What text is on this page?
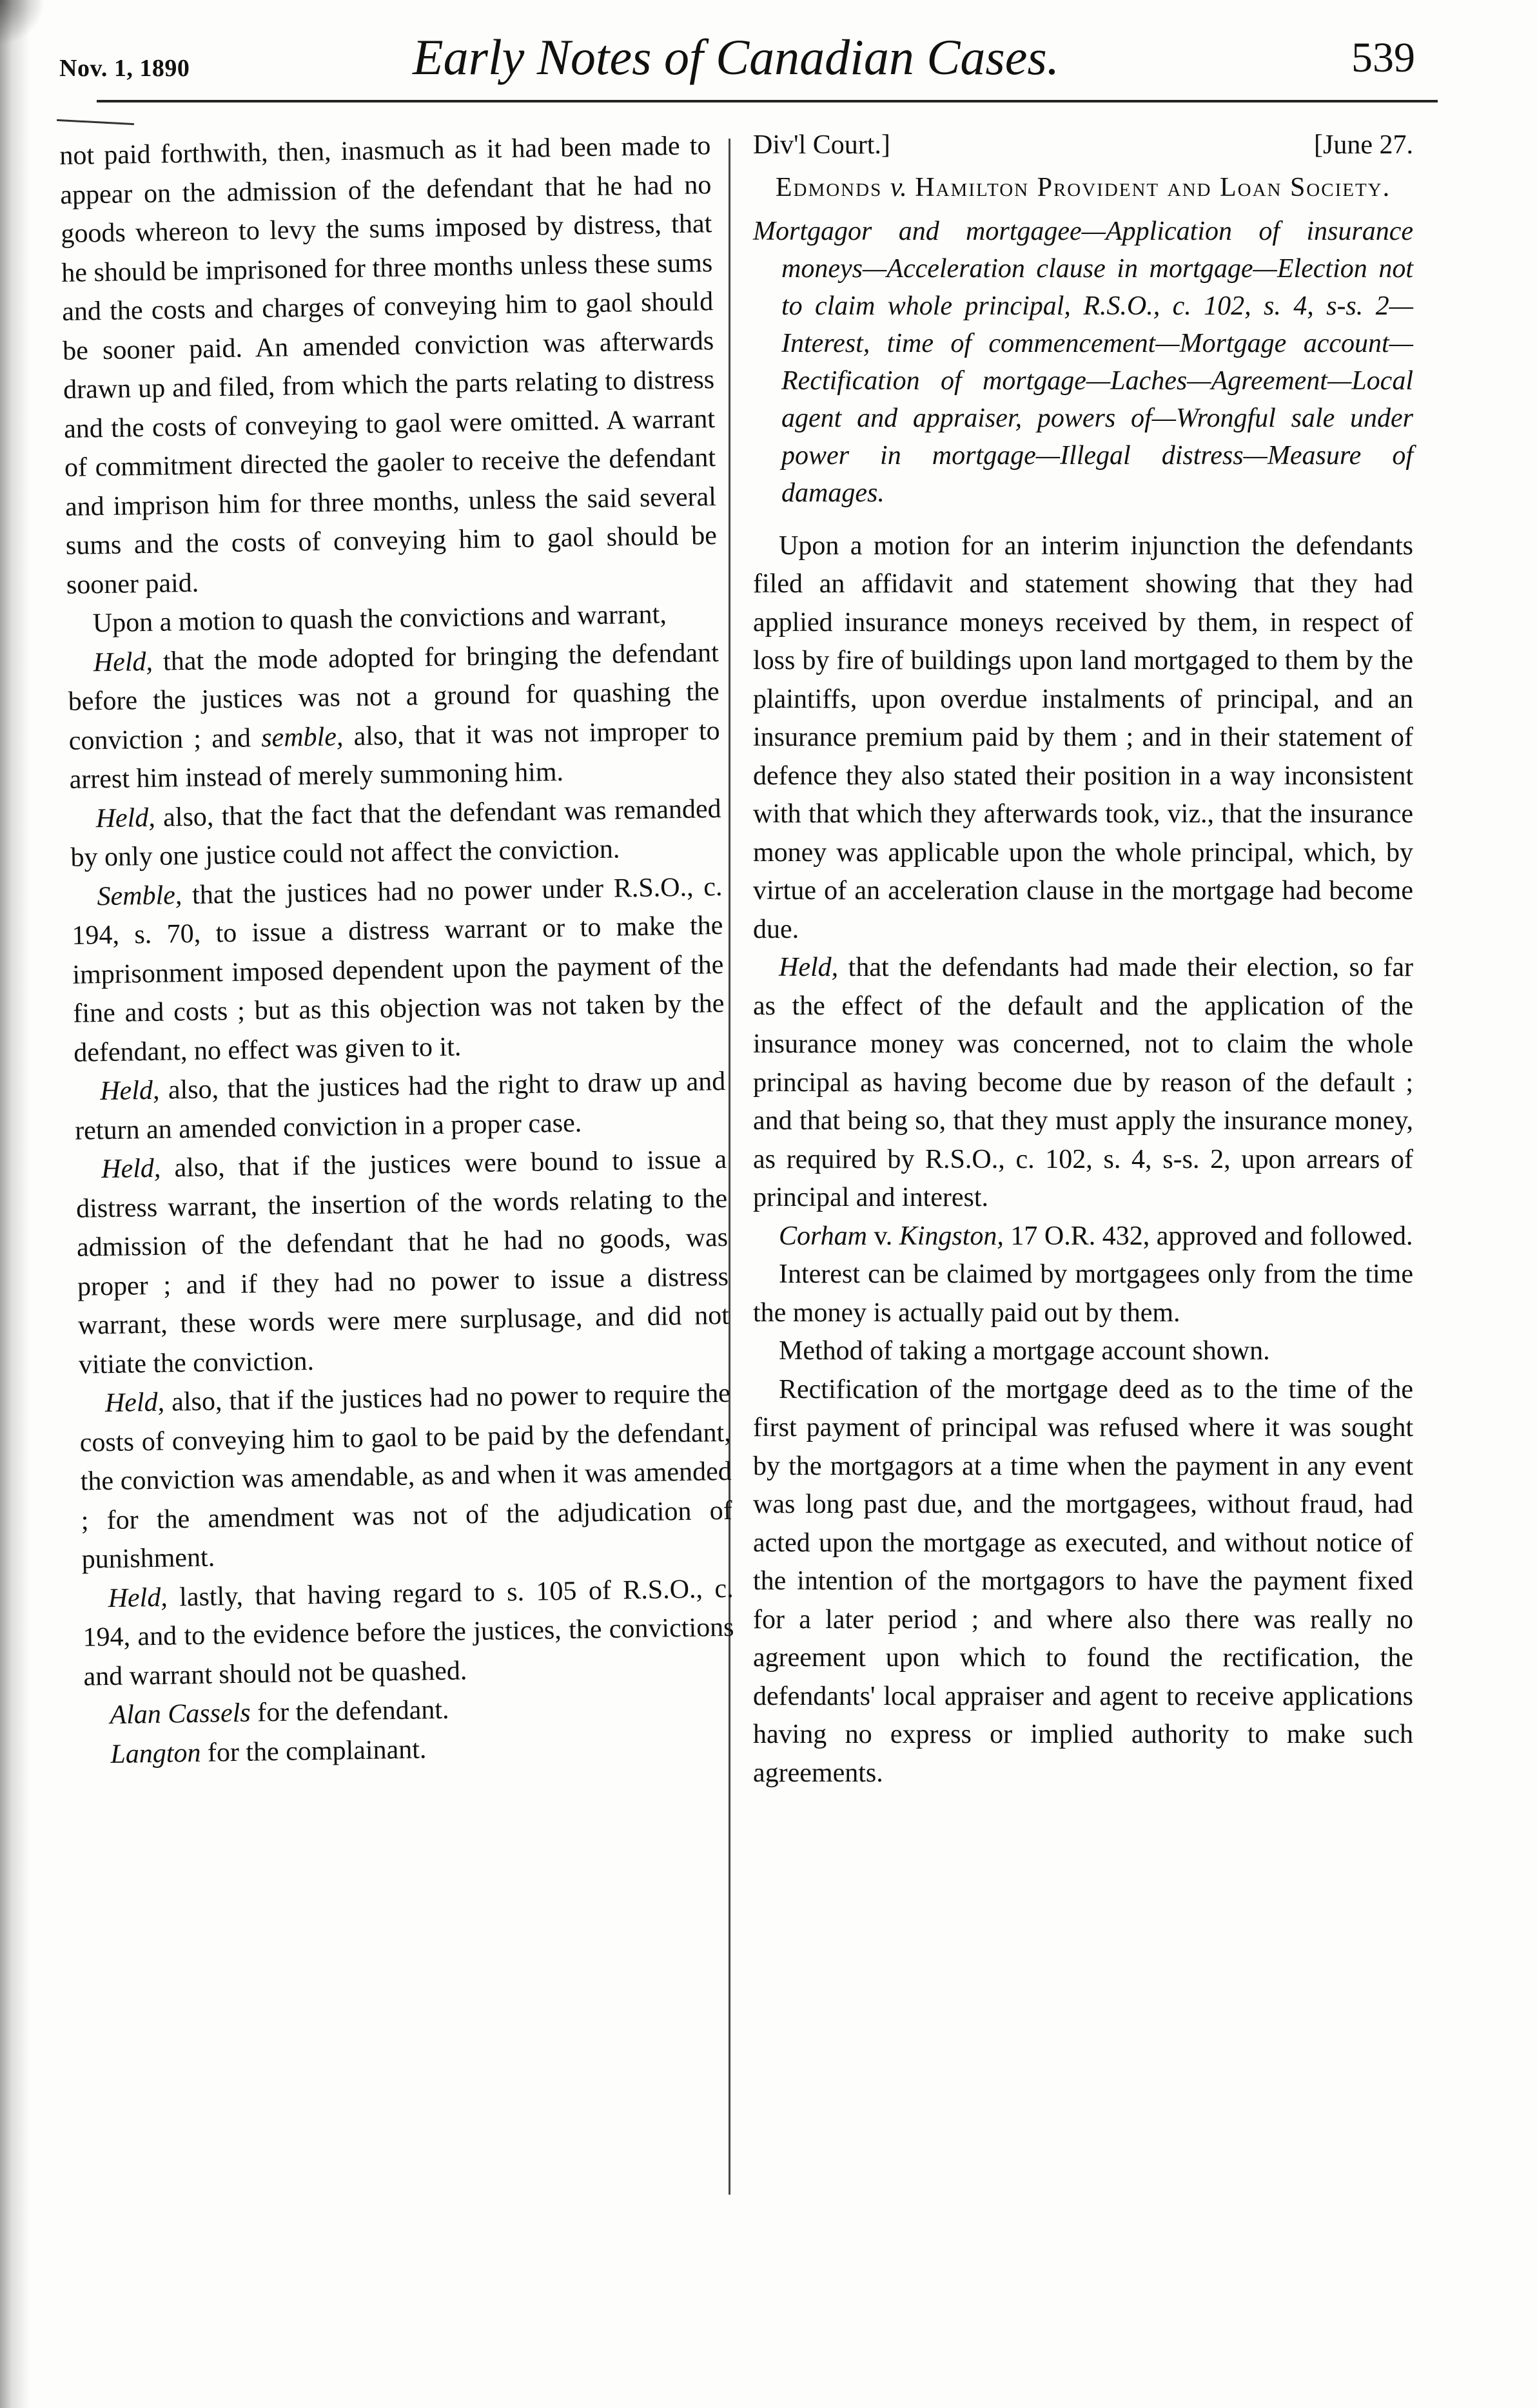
Nov. 1, 1890	Early Notes of Canadian Cases.	539

not paid forthwith, then, inasmuch as it had been made to appear on the admission of the defendant that he had no goods whereon to levy the sums imposed by distress, that he should be imprisoned for three months unless these sums and the costs and charges of conveying him to gaol should be sooner paid. An amended conviction was afterwards drawn up and filed, from which the parts relating to distress and the costs of conveying to gaol were omitted. A warrant of commitment directed the gaoler to receive the defendant and imprison him for three months, unless the said several sums and the costs of conveying him to gaol should be sooner paid.

Upon a motion to quash the convictions and warrant,

Held, that the mode adopted for bringing the defendant before the justices was not a ground for quashing the conviction ; and semble, also, that it was not improper to arrest him instead of merely summoning him.

Held, also, that the fact that the defendant was remanded by only one justice could not affect the conviction.

Semble, that the justices had no power under R.S.O., c. 194, s. 70, to issue a distress warrant or to make the imprisonment imposed dependent upon the payment of the fine and costs ; but as this objection was not taken by the defendant, no effect was given to it.

Held, also, that the justices had the right to draw up and return an amended conviction in a proper case.

Held, also, that if the justices were bound to issue a distress warrant, the insertion of the words relating to the admission of the defendant that he had no goods, was proper ; and if they had no power to issue a distress warrant, these words were mere surplusage, and did not vitiate the conviction.

Held, also, that if the justices had no power to require the costs of conveying him to gaol to be paid by the defendant, the conviction was amendable, as and when it was amended ; for the amendment was not of the adjudication of punishment.

Held, lastly, that having regard to s. 105 of R.S.O., c. 194, and to the evidence before the justices, the convictions and warrant should not be quashed.

Alan Cassels for the defendant.

Langton for the complainant.

Div'l Court.]	[June 27.
Edmonds v. Hamilton Provident and Loan Society.

Mortgagor and mortgagee—Application of insurance moneys—Acceleration clause in mortgage—Election not to claim whole principal, R.S.O., c. 102, s. 4, s-s. 2—Interest, time of commencement—Mortgage account—Rectification of mortgage—Laches—Agreement—Local agent and appraiser, powers of—Wrongful sale under power in mortgage—Illegal distress—Measure of damages.

Upon a motion for an interim injunction the defendants filed an affidavit and statement showing that they had applied insurance moneys received by them, in respect of loss by fire of buildings upon land mortgaged to them by the plaintiffs, upon overdue instalments of principal, and an insurance premium paid by them ; and in their statement of defence they also stated their position in a way inconsistent with that which they afterwards took, viz., that the insurance money was applicable upon the whole principal, which, by virtue of an acceleration clause in the mortgage had become due.

Held, that the defendants had made their election, so far as the effect of the default and the application of the insurance money was concerned, not to claim the whole principal as having become due by reason of the default ; and that being so, that they must apply the insurance money, as required by R.S.O., c. 102, s. 4, s-s. 2, upon arrears of principal and interest.

Corham v. Kingston, 17 O.R. 432, approved and followed.

Interest can be claimed by mortgagees only from the time the money is actually paid out by them.

Method of taking a mortgage account shown.

Rectification of the mortgage deed as to the time of the first payment of principal was refused where it was sought by the mortgagors at a time when the payment in any event was long past due, and the mortgagees, without fraud, had acted upon the mortgage as executed, and without notice of the intention of the mortgagors to have the payment fixed for a later period ; and where also there was really no agreement upon which to found the rectification, the defendants' local appraiser and agent to receive applications having no express or implied authority to make such agreements.
